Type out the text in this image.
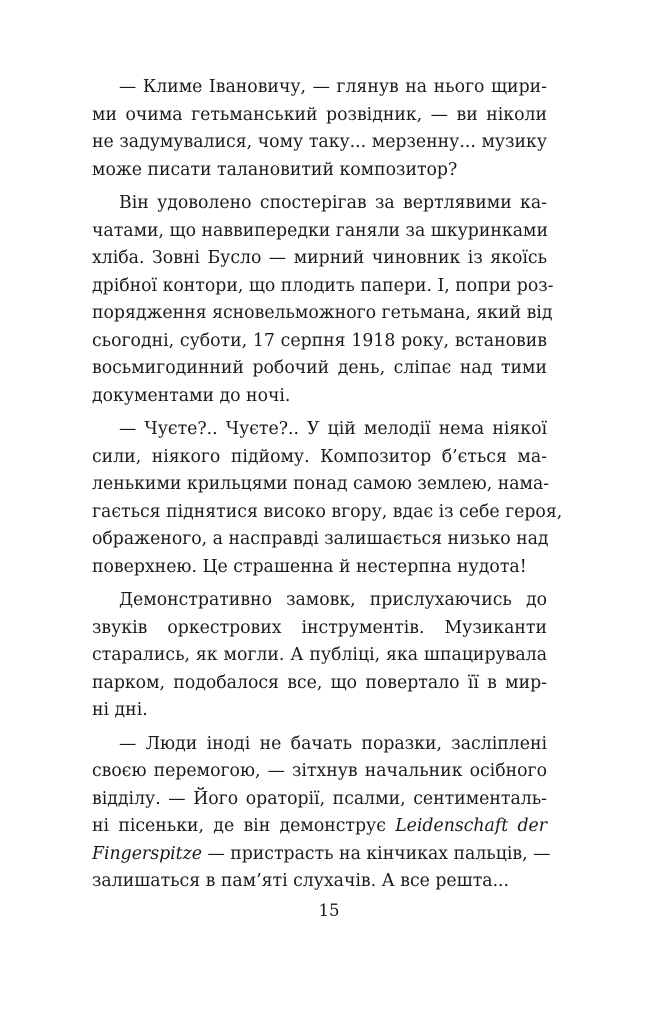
— Климе Івановичу, — глянув на нього щири-
ми очима гетьманський розвідник, — ви ніколи
не задумувалися, чому таку... мерзенну... музику
може писати талановитий композитор?
Він удоволено спостерігав за вертлявими ка-
чатами, що наввипередки ганяли за шкуринками
хліба. Зовні Бусло — мирний чиновник із якоїсь
дрібної контори, що плодить папери. І, попри роз-
порядження ясновельможного гетьмана, який від
сьогодні, суботи, 17 серпня 1918 року, встановив
восьмигодинний робочий день, сліпає над тими
документами до ночі.
— Чуєте?.. Чуєте?.. У цій мелодії нема ніякої
сили, ніякого підйому. Композитор б’ється ма-
ленькими крильцями понад самою землею, нама-
гається піднятися високо вгору, вдає із себе героя,
ображеного, а насправді залишається низько над
поверхнею. Це страшенна й нестерпна нудота!
Демонстративно замовк, прислухаючись до
звуків оркестрових інструментів. Музиканти
старались, як могли. А публіці, яка шпацирувала
парком, подобалося все, що повертало її в мир-
ні дні.
— Люди іноді не бачать поразки, засліплені
своєю перемогою, — зітхнув начальник осібного
відділу. — Його ораторії, псалми, сентименталь-
ні пісеньки, де він демонструє Leidenschaft der
Fingerspitze — пристрасть на кінчиках пальців, —
залишаться в пам’яті слухачів. А все решта...
15
